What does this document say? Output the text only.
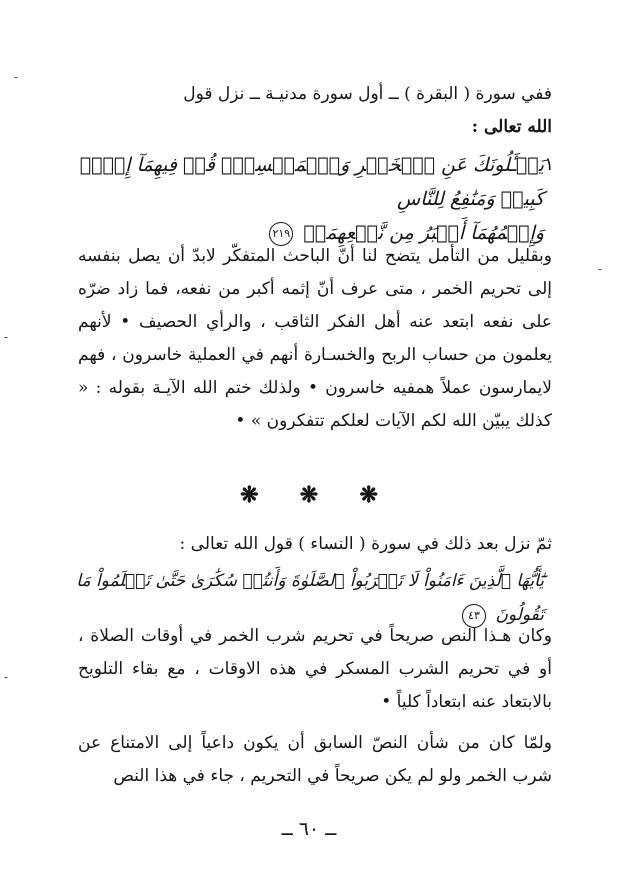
ففي سورة ( البقرة ) ــ أول سورة مدنيـة ــ نزل قول

الله تعالى :

١
يَسۡـَٔلُونَكَ عَنِ ٱلۡخَمۡرِ وَٱلۡمَيۡسِرِۖ قُلۡ فِيهِمَآ إِثۡمٞ كَبِيرٞ وَمَنَٰفِعُ لِلنَّاسِ
وَإِثۡمُهُمَآ أَكۡبَرُ مِن نَّفۡعِهِمَاۗ ٢١٩

وبقليل من التأمل يتضح لنا أنّ الباحث المتفكّر لابدّ أن يصل بنفسه إلى تحريم الخمر ، متى عرف أنّ إثمه أكبر من نفعه، فما زاد ضرّه على نفعه ابتعد عنه أهل الفكر الثاقب ، والرأي الحصيف • لأنهم يعلمون من حساب الربح والخسـارة أنهم في العملية خاسرون ، فهم لايمارسون عملاً همفيه خاسرون • ولذلك ختم الله الآيـة بقوله : « كذلك يبيّن الله لكم الآيات لعلكم تتفكرون » •

❋ ❋ ❋

ثمّ نزل بعد ذلك في سورة ( النساء ) قول الله تعالى :

يَٰٓأَيُّهَا ٱلَّذِينَ ءَامَنُواْ لَا تَقۡرَبُواْ ٱلصَّلَوٰةَ وَأَنتُمۡ سُكَٰرَىٰ حَتَّىٰ تَعۡلَمُواْ مَا تَقُولُونَ ٤٣

وكان هـذا النص صريحاً في تحريم شرب الخمر في أوقات الصلاة ، أو في تحريم الشرب المسكر في هذه الاوقات ، مع بقاء التلويح بالابتعاد عنه ابتعاداً كلياً •

ولمّا كان من شأن النصّ السابق أن يكون داعياً إلى الامتناع عن شرب الخمر ولو لم يكن صريحاً في التحريم ، جاء في هذا النص

ــ ٦٠ ــ
‐
‐
‐
‐
